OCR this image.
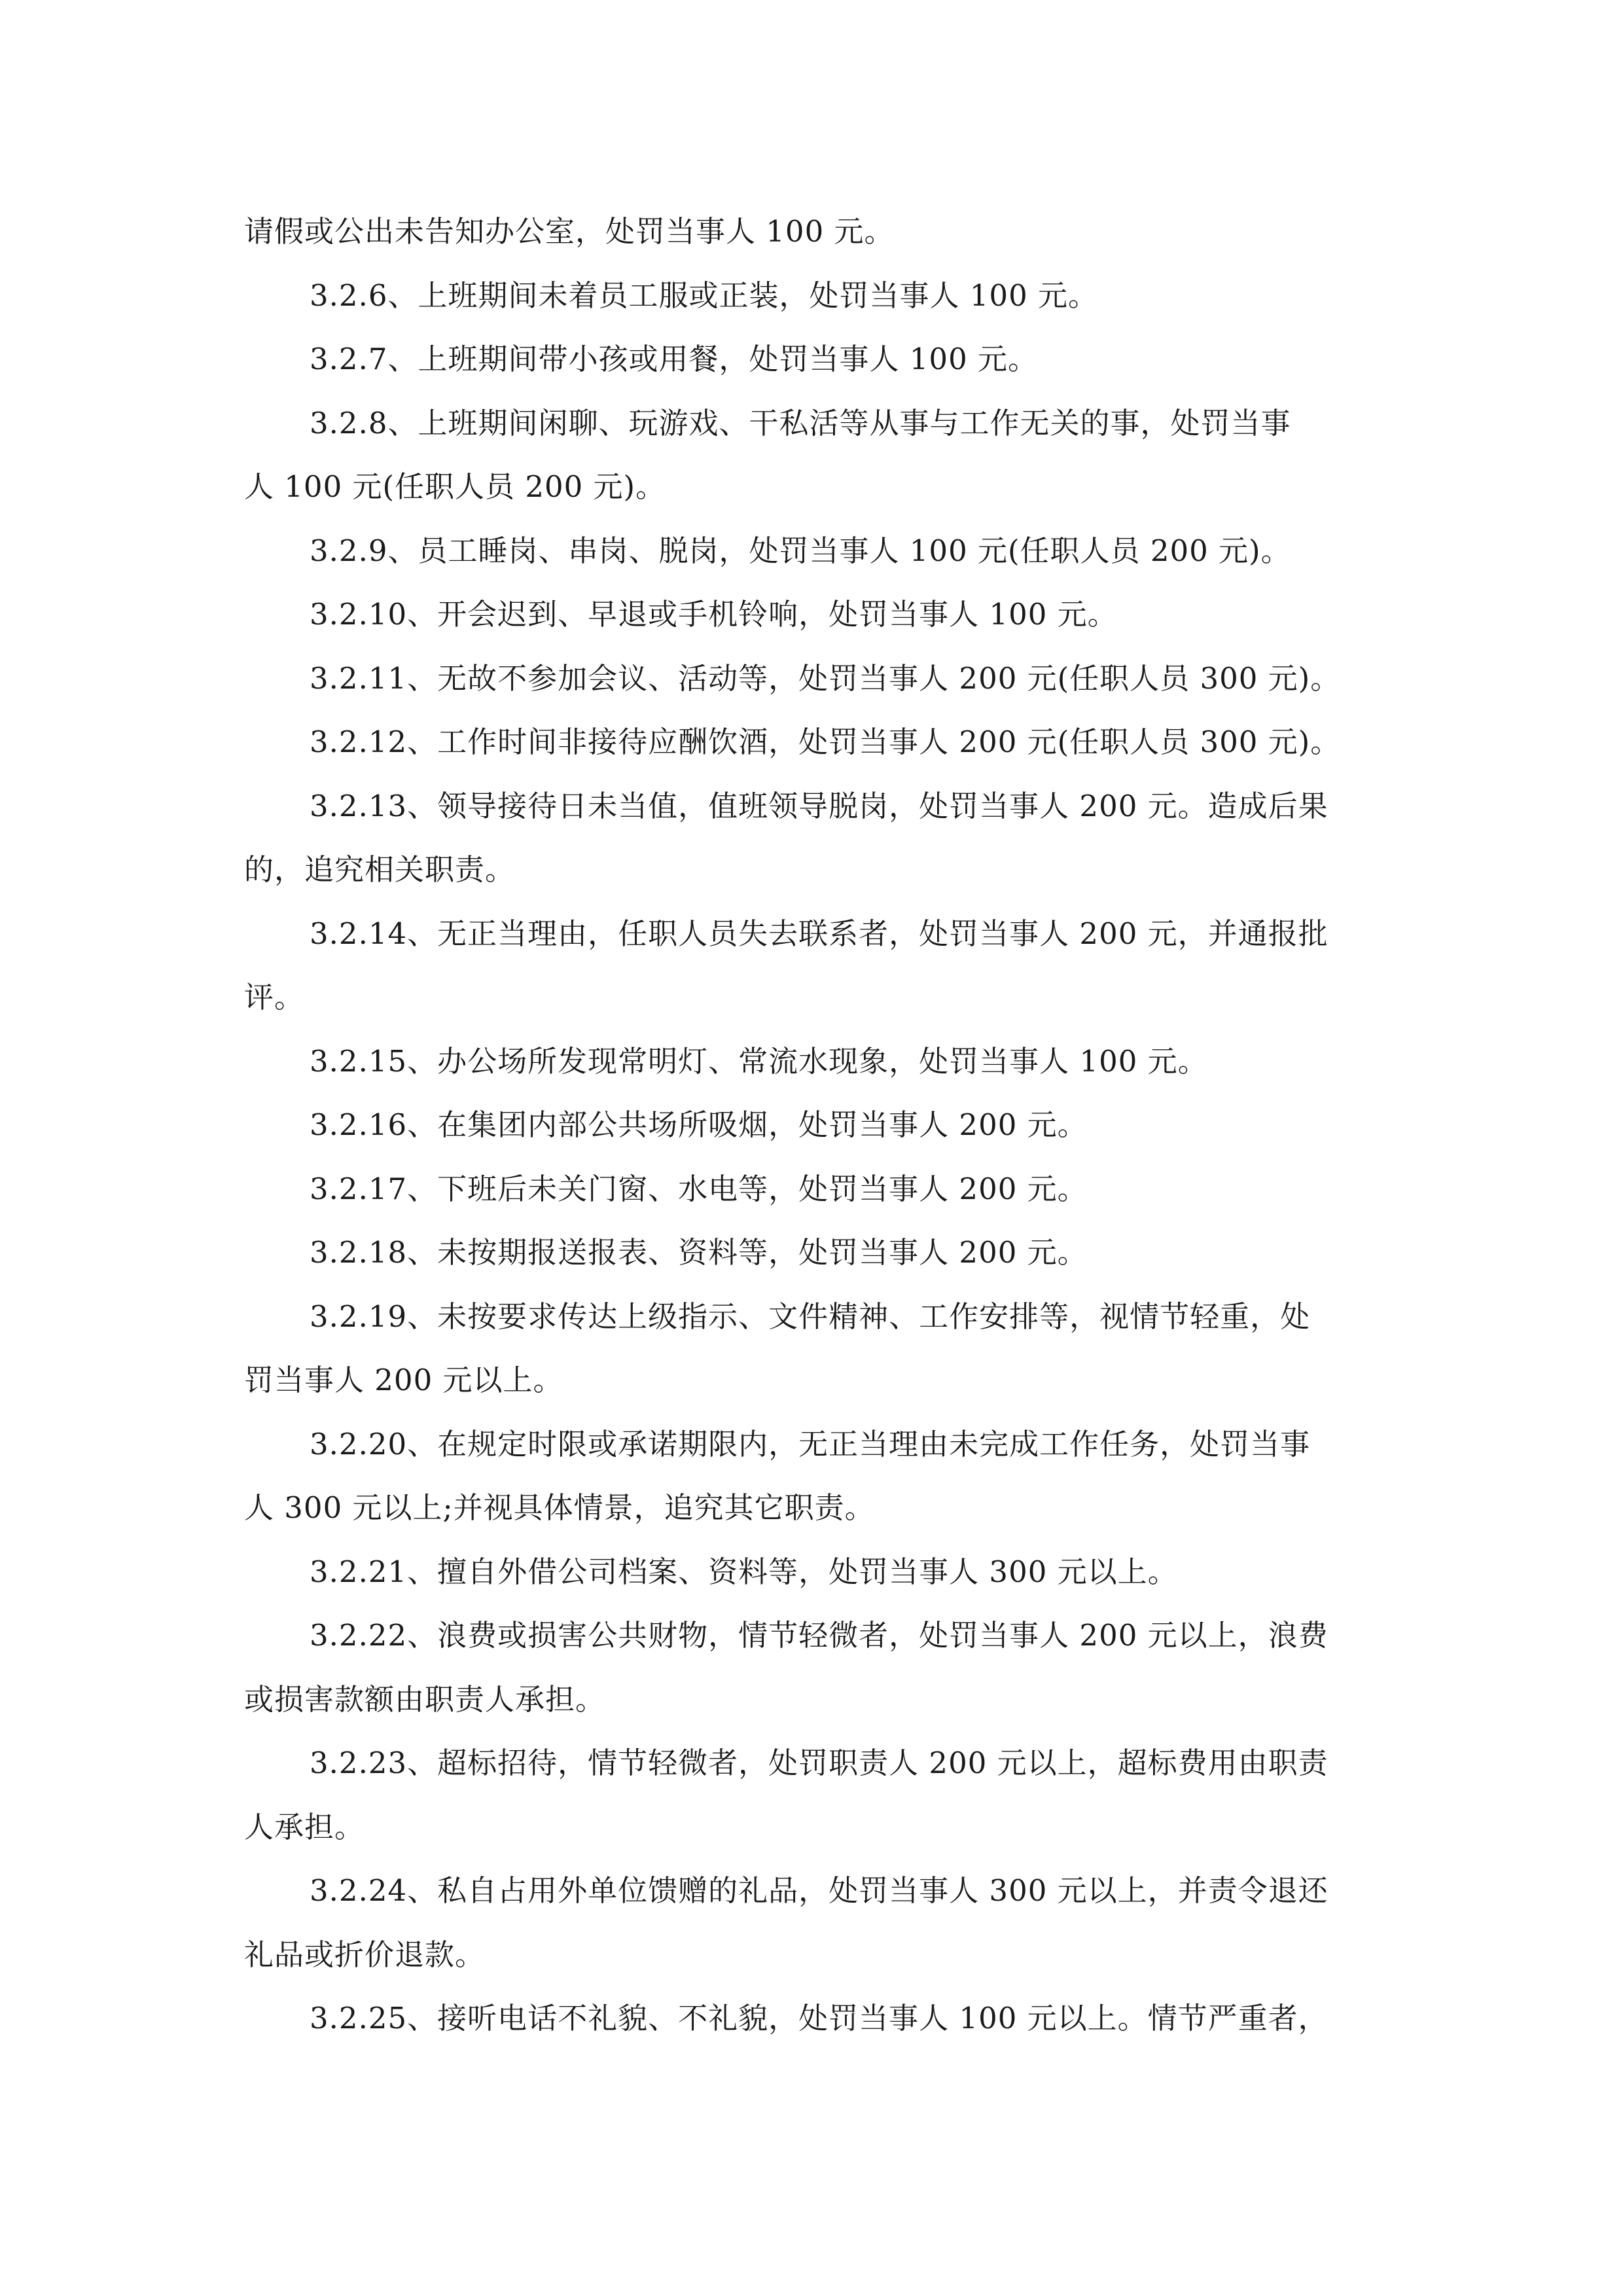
请假或公出未告知办公室，处罚当事人 100 元。
3.2.6、上班期间未着员工服或正装，处罚当事人 100 元。
3.2.7、上班期间带小孩或用餐，处罚当事人 100 元。
3.2.8、上班期间闲聊、玩游戏、干私活等从事与工作无关的事，处罚当事
人 100 元(任职人员 200 元)。
3.2.9、员工睡岗、串岗、脱岗，处罚当事人 100 元(任职人员 200 元)。
3.2.10、开会迟到、早退或手机铃响，处罚当事人 100 元。
3.2.11、无故不参加会议、活动等，处罚当事人 200 元(任职人员 300 元)。
3.2.12、工作时间非接待应酬饮酒，处罚当事人 200 元(任职人员 300 元)。
3.2.13、领导接待日未当值，值班领导脱岗，处罚当事人 200 元。造成后果
的，追究相关职责。
3.2.14、无正当理由，任职人员失去联系者，处罚当事人 200 元，并通报批
评。
3.2.15、办公场所发现常明灯、常流水现象，处罚当事人 100 元。
3.2.16、在集团内部公共场所吸烟，处罚当事人 200 元。
3.2.17、下班后未关门窗、水电等，处罚当事人 200 元。
3.2.18、未按期报送报表、资料等，处罚当事人 200 元。
3.2.19、未按要求传达上级指示、文件精神、工作安排等，视情节轻重，处
罚当事人 200 元以上。
3.2.20、在规定时限或承诺期限内，无正当理由未完成工作任务，处罚当事
人 300 元以上;并视具体情景，追究其它职责。
3.2.21、擅自外借公司档案、资料等，处罚当事人 300 元以上。
3.2.22、浪费或损害公共财物，情节轻微者，处罚当事人 200 元以上，浪费
或损害款额由职责人承担。
3.2.23、超标招待，情节轻微者，处罚职责人 200 元以上，超标费用由职责
人承担。
3.2.24、私自占用外单位馈赠的礼品，处罚当事人 300 元以上，并责令退还
礼品或折价退款。
3.2.25、接听电话不礼貌、不礼貌，处罚当事人 100 元以上。情节严重者，
